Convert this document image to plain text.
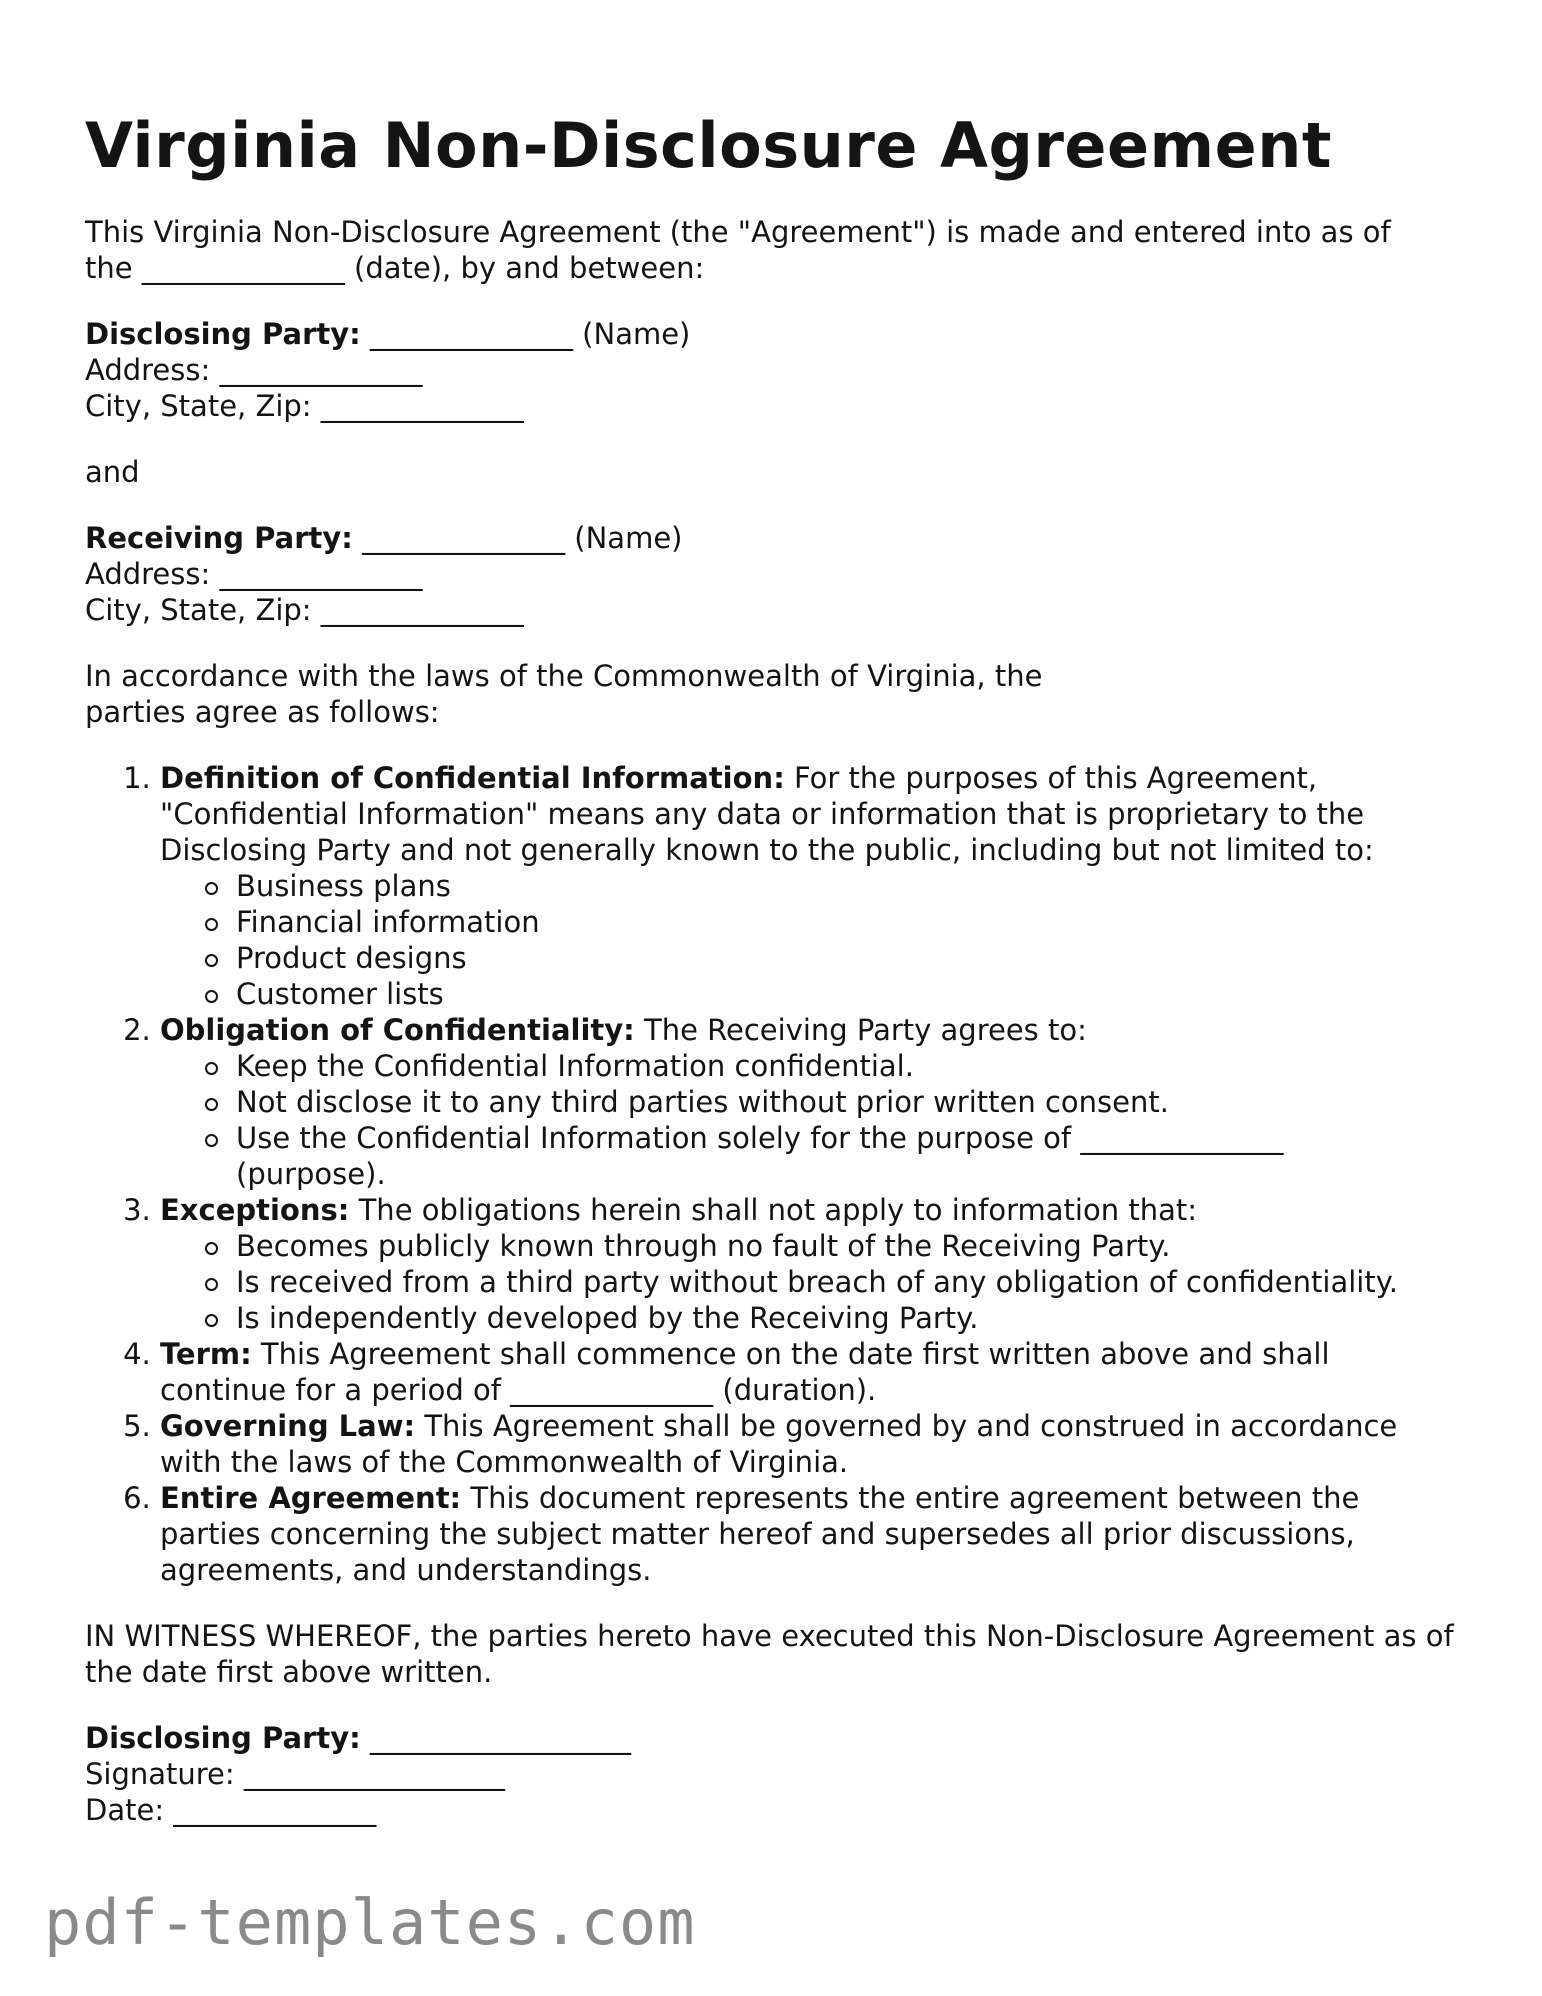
Virginia Non-Disclosure Agreement

This Virginia Non-Disclosure Agreement (the "Agreement") is made and entered into as of
the ______________ (date), by and between:

Disclosing Party: ______________ (Name)
Address: ______________
City, State, Zip: ______________

and

Receiving Party: ______________ (Name)
Address: ______________
City, State, Zip: ______________

In accordance with the laws of the Commonwealth of Virginia, the parties agree as follows:

1. Definition of Confidential Information: For the purposes of this Agreement, "Confidential Information" means any data or information that is proprietary to the Disclosing Party and not generally known to the public, including but not limited to:
Business plans
Financial information
Product designs
Customer lists
2. Obligation of Confidentiality: The Receiving Party agrees to:
Keep the Confidential Information confidential.
Not disclose it to any third parties without prior written consent.
Use the Confidential Information solely for the purpose of ______________ (purpose).
3. Exceptions: The obligations herein shall not apply to information that:
Becomes publicly known through no fault of the Receiving Party.
Is received from a third party without breach of any obligation of confidentiality.
Is independently developed by the Receiving Party.
4. Term: This Agreement shall commence on the date first written above and shall continue for a period of ______________ (duration).
5. Governing Law: This Agreement shall be governed by and construed in accordance with the laws of the Commonwealth of Virginia.
6. Entire Agreement: This document represents the entire agreement between the parties concerning the subject matter hereof and supersedes all prior discussions, agreements, and understandings.

IN WITNESS WHEREOF, the parties hereto have executed this Non-Disclosure Agreement as of the date first above written.

Disclosing Party: __________________
Signature: __________________
Date: ______________
pdf-templates.com
